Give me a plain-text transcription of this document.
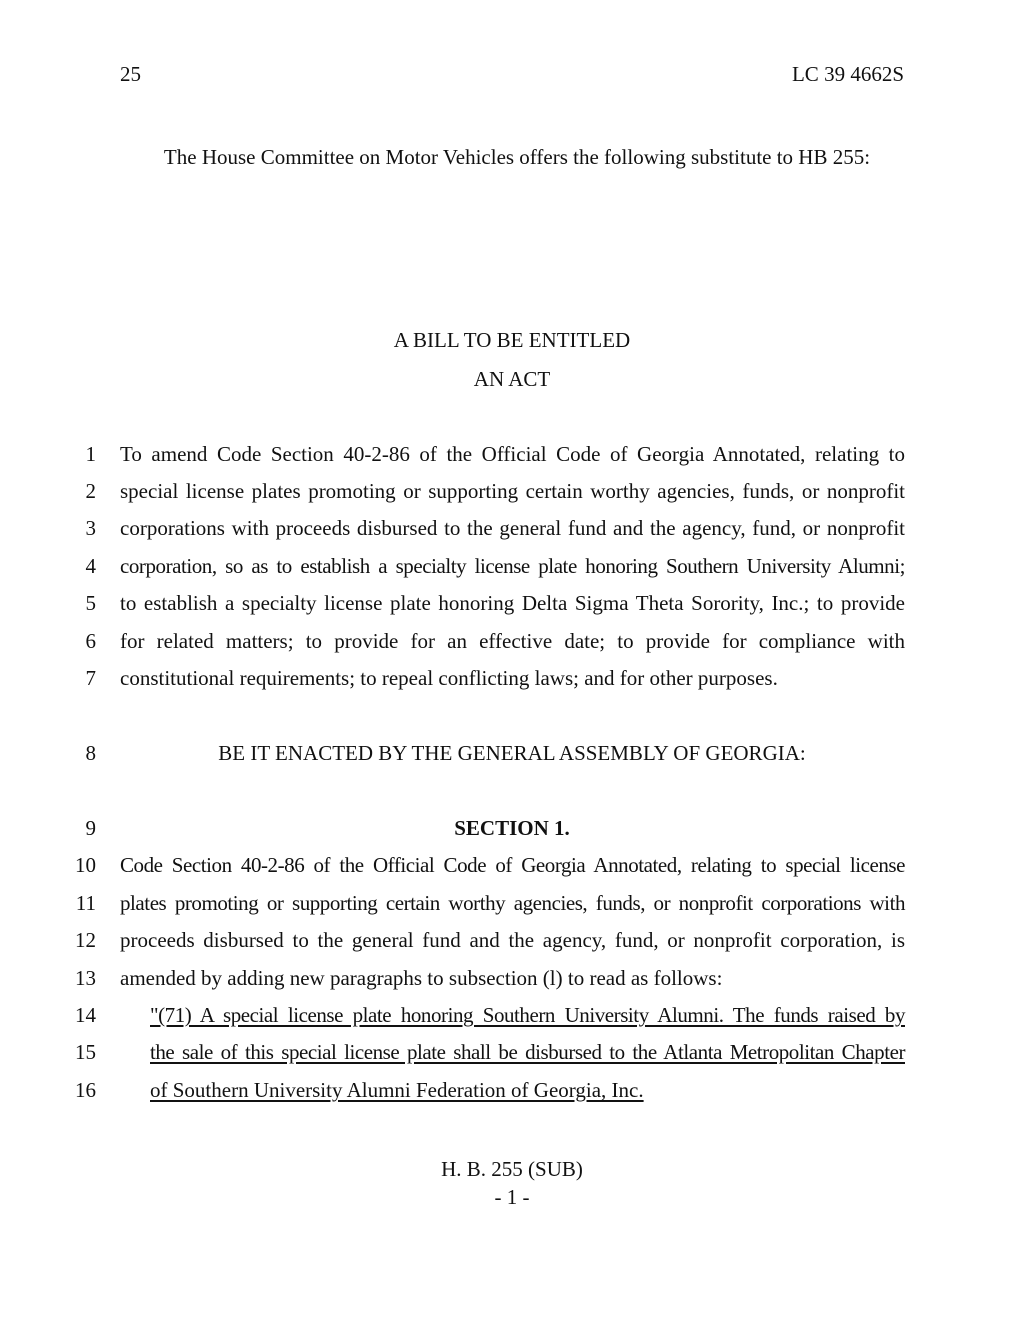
25	LC 39 4662S
The House Committee on Motor Vehicles offers the following substitute to HB 255:
A BILL TO BE ENTITLED
AN ACT
1 To amend Code Section 40-2-86 of the Official Code of Georgia Annotated, relating to
2 special license plates promoting or supporting certain worthy agencies, funds, or nonprofit
3 corporations with proceeds disbursed to the general fund and the agency, fund, or nonprofit
4 corporation, so as to establish a specialty license plate honoring Southern University Alumni;
5 to establish a specialty license plate honoring Delta Sigma Theta Sorority, Inc.; to provide
6 for related matters; to provide for an effective date; to provide for compliance with
7 constitutional requirements; to repeal conflicting laws; and for other purposes.
8	BE IT ENACTED BY THE GENERAL ASSEMBLY OF GEORGIA:
9	SECTION 1.
10 Code Section 40-2-86 of the Official Code of Georgia Annotated, relating to special license
11 plates promoting or supporting certain worthy agencies, funds, or nonprofit corporations with
12 proceeds disbursed to the general fund and the agency, fund, or nonprofit corporation, is
13 amended by adding new paragraphs to subsection (l) to read as follows:
14	"(71) A special license plate honoring Southern University Alumni. The funds raised by
15	the sale of this special license plate shall be disbursed to the Atlanta Metropolitan Chapter
16	of Southern University Alumni Federation of Georgia, Inc.
H. B. 255 (SUB)
- 1 -
